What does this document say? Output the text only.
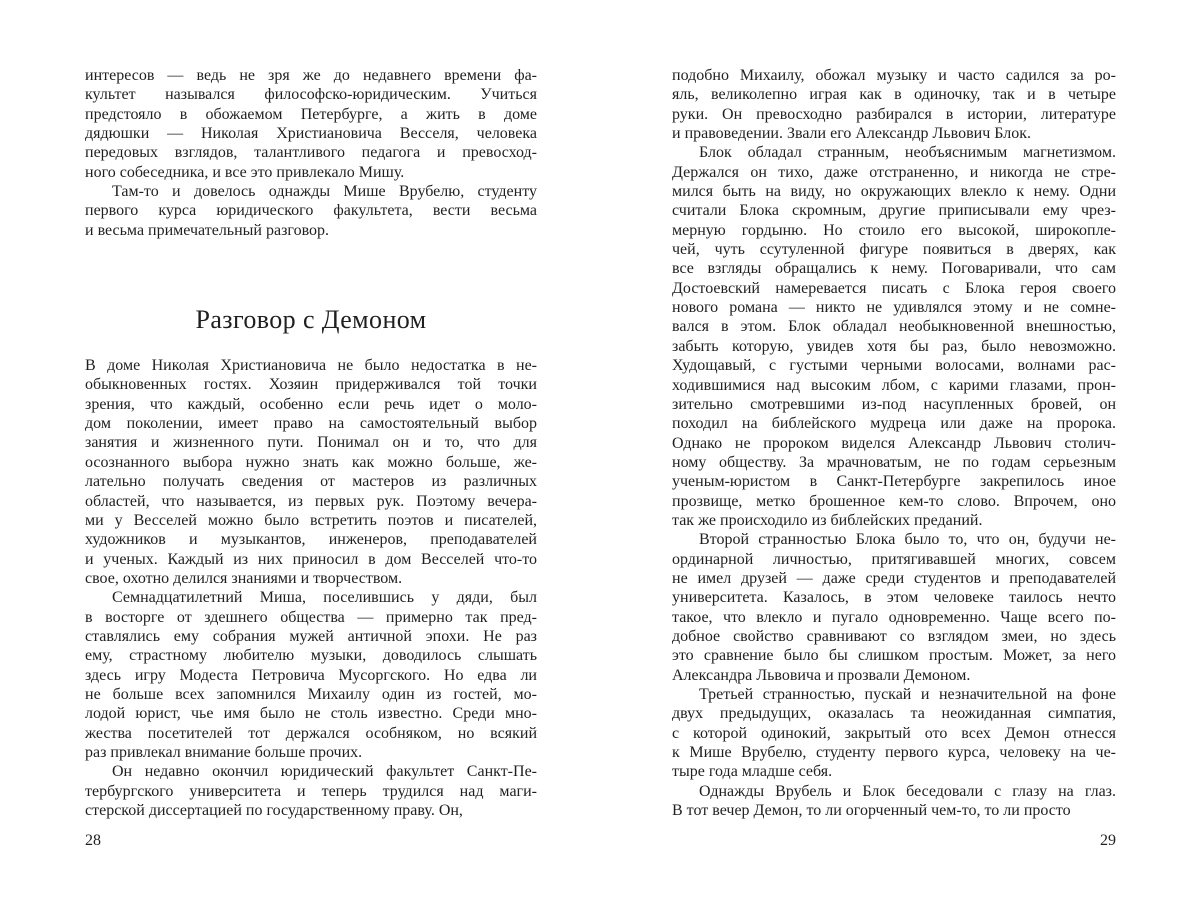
интересов — ведь не зря же до недавнего времени фа-
культет назывался философско-юридическим. Учиться
предстояло в обожаемом Петербурге, а жить в доме
дядюшки — Николая Христиановича Весселя, человека
передовых взглядов, талантливого педагога и превосход-
ного собеседника, и все это привлекало Мишу.
Там-то и довелось однажды Мише Врубелю, студенту
первого курса юридического факультета, вести весьма
и весьма примечательный разговор.
Разговор с Демоном
В доме Николая Христиановича не было недостатка в не-
обыкновенных гостях. Хозяин придерживался той точки
зрения, что каждый, особенно если речь идет о моло-
дом поколении, имеет право на самостоятельный выбор
занятия и жизненного пути. Понимал он и то, что для
осознанного выбора нужно знать как можно больше, же-
лательно получать сведения от мастеров из различных
областей, что называется, из первых рук. Поэтому вечера-
ми у Весселей можно было встретить поэтов и писателей,
художников и музыкантов, инженеров, преподавателей
и ученых. Каждый из них приносил в дом Весселей что-то
свое, охотно делился знаниями и творчеством.
Семнадцатилетний Миша, поселившись у дяди, был
в восторге от здешнего общества — примерно так пред-
ставлялись ему собрания мужей античной эпохи. Не раз
ему, страстному любителю музыки, доводилось слышать
здесь игру Модеста Петровича Мусоргского. Но едва ли
не больше всех запомнился Михаилу один из гостей, мо-
лодой юрист, чье имя было не столь известно. Среди мно-
жества посетителей тот держался особняком, но всякий
раз привлекал внимание больше прочих.
Он недавно окончил юридический факультет Санкт-Пе-
тербургского университета и теперь трудился над маги-
стерской диссертацией по государственному праву. Он,
подобно Михаилу, обожал музыку и часто садился за ро-
яль, великолепно играя как в одиночку, так и в четыре
руки. Он превосходно разбирался в истории, литературе
и правоведении. Звали его Александр Львович Блок.
Блок обладал странным, необъяснимым магнетизмом.
Держался он тихо, даже отстраненно, и никогда не стре-
мился быть на виду, но окружающих влекло к нему. Одни
считали Блока скромным, другие приписывали ему чрез-
мерную гордыню. Но стоило его высокой, широкопле-
чей, чуть ссутуленной фигуре появиться в дверях, как
все взгляды обращались к нему. Поговаривали, что сам
Достоевский намеревается писать с Блока героя своего
нового романа — никто не удивлялся этому и не сомне-
вался в этом. Блок обладал необыкновенной внешностью,
забыть которую, увидев хотя бы раз, было невозможно.
Худощавый, с густыми черными волосами, волнами рас-
ходившимися над высоким лбом, с карими глазами, прон-
зительно смотревшими из-под насупленных бровей, он
походил на библейского мудреца или даже на пророка.
Однако не пророком виделся Александр Львович столич-
ному обществу. За мрачноватым, не по годам серьезным
ученым-юристом в Санкт-Петербурге закрепилось иное
прозвище, метко брошенное кем-то слово. Впрочем, оно
так же происходило из библейских преданий.
Второй странностью Блока было то, что он, будучи не-
ординарной личностью, притягивавшей многих, совсем
не имел друзей — даже среди студентов и преподавателей
университета. Казалось, в этом человеке таилось нечто
такое, что влекло и пугало одновременно. Чаще всего по-
добное свойство сравнивают со взглядом змеи, но здесь
это сравнение было бы слишком простым. Может, за него
Александра Львовича и прозвали Демоном.
Третьей странностью, пускай и незначительной на фоне
двух предыдущих, оказалась та неожиданная симпатия,
с которой одинокий, закрытый ото всех Демон отнесся
к Мише Врубелю, студенту первого курса, человеку на че-
тыре года младше себя.
Однажды Врубель и Блок беседовали с глазу на глаз.
В тот вечер Демон, то ли огорченный чем-то, то ли просто
28	29
